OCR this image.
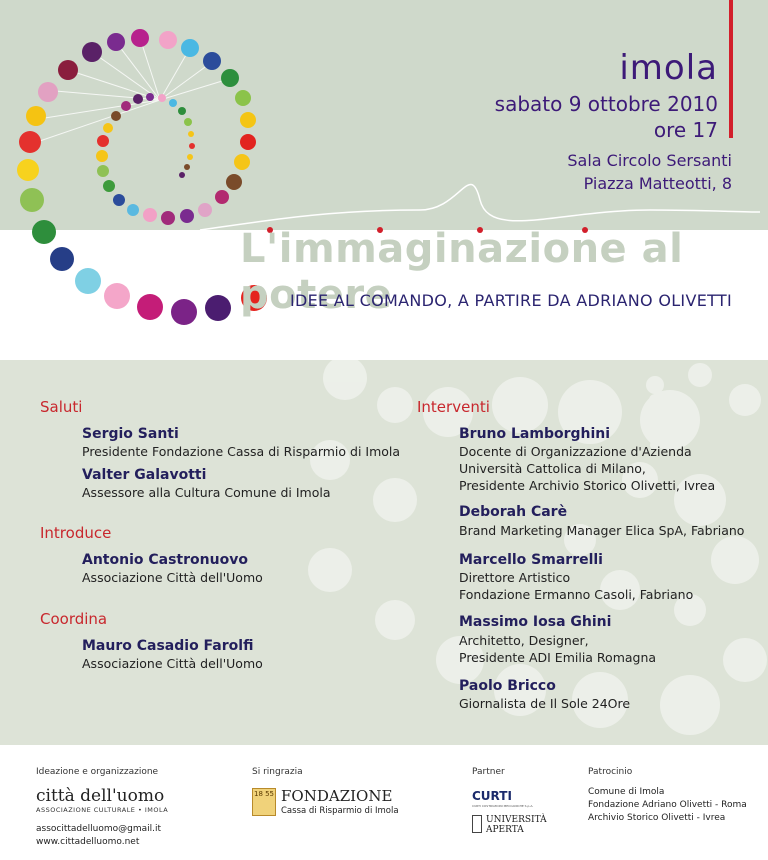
imola
sabato 9 ottobre 2010
ore 17
Sala Circolo Sersanti
Piazza Matteotti, 8
L'immaginazione al potere
IDEE AL COMANDO, A PARTIRE DA ADRIANO OLIVETTI
Saluti
Sergio Santi
Presidente Fondazione Cassa di Risparmio di Imola
Valter Galavotti
Assessore alla Cultura Comune di Imola
Introduce
Antonio Castronuovo
Associazione Città dell'Uomo
Coordina
Mauro Casadio Farolfi
Associazione Città dell'Uomo
Interventi
Bruno Lamborghini
Docente di Organizzazione d'Azienda
Università Cattolica di Milano,
Presidente Archivio Storico Olivetti, Ivrea
Deborah Carè
Brand Marketing Manager Elica SpA, Fabriano
Marcello Smarrelli
Direttore Artistico
Fondazione Ermanno Casoli, Fabriano
Massimo Iosa Ghini
Architetto, Designer,
Presidente ADI Emilia Romagna
Paolo Bricco
Giornalista de Il Sole 24Ore
Ideazione e organizzazione
città dell'uomo
ASSOCIAZIONE CULTURALE • IMOLA
associttadelluomo@gmail.it
www.cittadelluomo.net
Si ringrazia
18 55 FONDAZIONE
Cassa di Risparmio di Imola
Partner
CURTI
CURTI COSTRUZIONI MECCANICHE S.p.A.
UNIVERSITÀ
APERTA
Patrocinio
Comune di Imola
Fondazione Adriano Olivetti - Roma
Archivio Storico Olivetti - Ivrea
